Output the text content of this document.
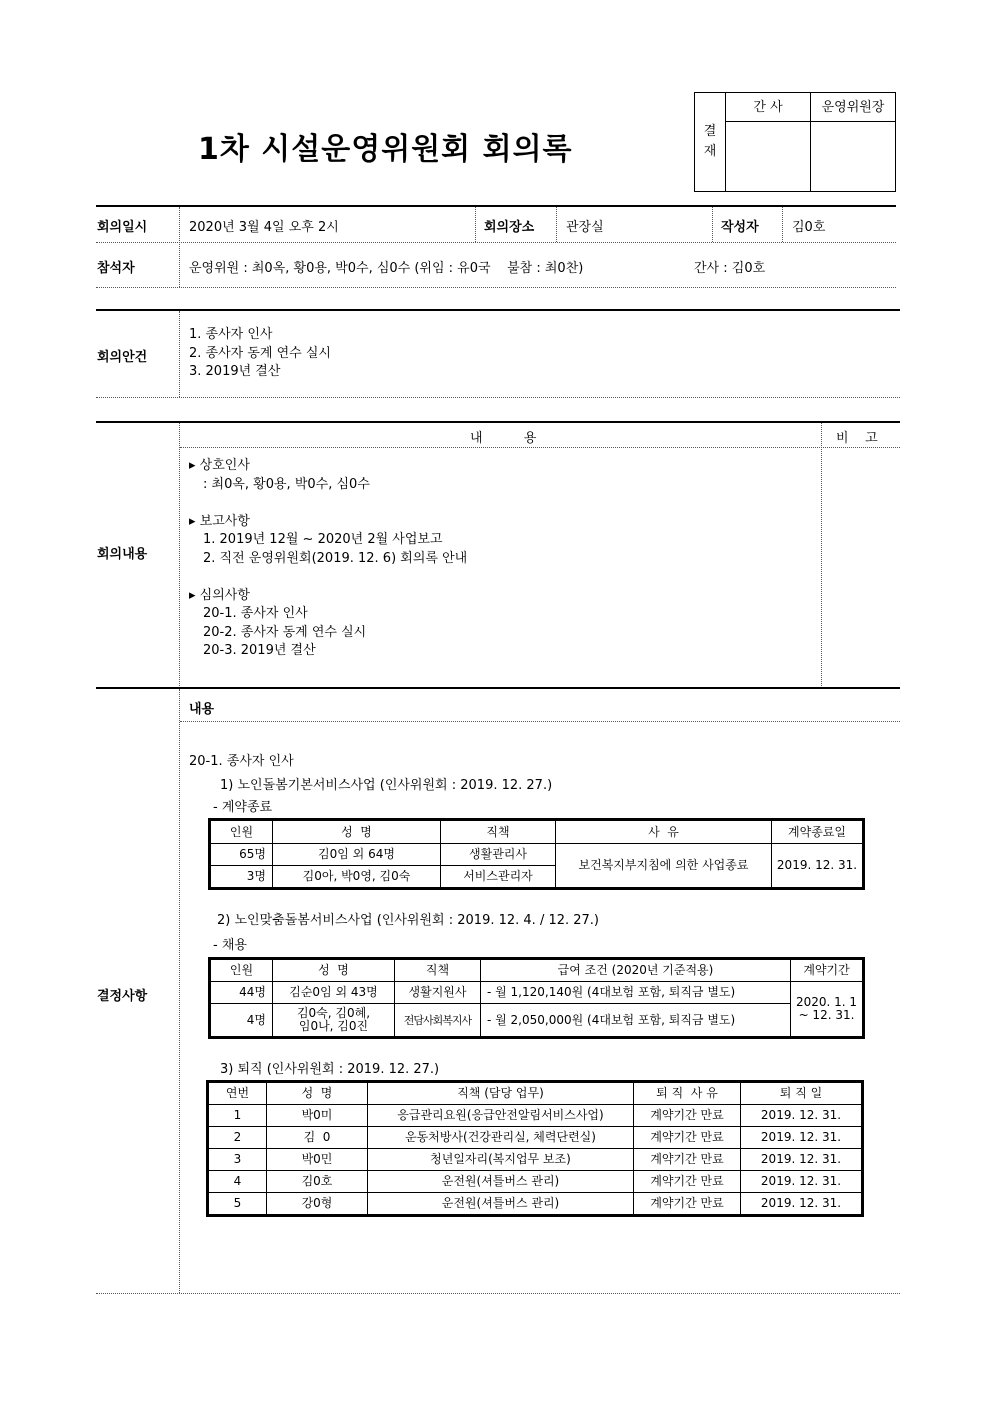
1차 시설운영위원회 회의록
결
재	간 사	운영위원장

회의일시	2020년 3월 4일 오후 2시	회의장소 관장실	작성자	김0호
참석자	운영위원 : 최0옥, 황0용, 박0수, 심0수 (위임 : 유0국    불참 : 최0찬)	간사 : 김0호
회의안건
1. 종사자 인사
2. 종사자 동계 연수 실시
3. 2019년 결산
내          용	비    고
회의내용
▸ 상호인사
: 최0옥, 황0용, 박0수, 심0수

▸ 보고사항
1. 2019년 12월 ~ 2020년 2월 사업보고
2. 직전 운영위원회(2019. 12. 6) 회의록 안내

▸ 심의사항
20-1. 종사자 인사
20-2. 종사자 동계 연수 실시
20-3. 2019년 결산
결정사항
내용
20-1. 종사자 인사
1) 노인돌봄기본서비스사업 (인사위원회 : 2019. 12. 27.)
- 계약종료
인원	성  명	직책	사  유	계약종료일
65명	김0임 외 64명	생활관리사	보건복지부지침에 의한 사업종료	2019. 12. 31.
3명	김0아, 박0영, 김0숙	서비스관리자		
2) 노인맞춤돌봄서비스사업 (인사위원회 : 2019. 12. 4. / 12. 27.)
- 채용
인원	성  명	직책	급여 조건 (2020년 기준적용)	계약기간
44명	김순0임 외 43명	생활지원사	- 월 1,120,140원 (4대보험 포함, 퇴직금 별도)	2020. 1. 1
~ 12. 31.
4명	김0숙, 김0혜,
임0나, 김0진	전담사회복지사	- 월 2,050,000원 (4대보험 포함, 퇴직금 별도)	
3) 퇴직 (인사위원회 : 2019. 12. 27.)
연번	성  명	직책 (담당 업무)	퇴 직  사 유	퇴 직 일
1	박0미	응급관리요원(응급안전알림서비스사업)	계약기간 만료	2019. 12. 31.
2	김  0	운동처방사(건강관리실, 체력단련실)	계약기간 만료	2019. 12. 31.
3	박0민	청년일자리(복지업무 보조)	계약기간 만료	2019. 12. 31.
4	김0호	운전원(셔틀버스 관리)	계약기간 만료	2019. 12. 31.
5	강0형	운전원(셔틀버스 관리)	계약기간 만료	2019. 12. 31.
